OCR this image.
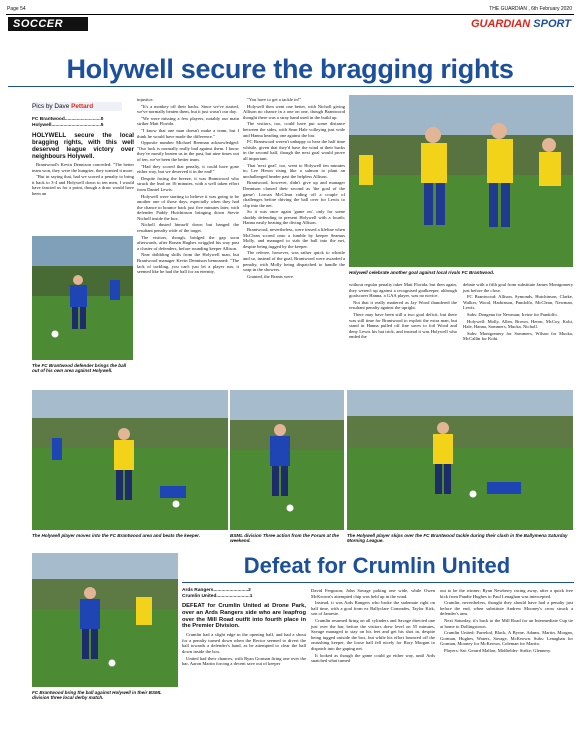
Page 54	THE GUARDIAN , 6th February 2020
SOCCER	GUARDIAN SPORT
Holywell secure the bragging rights
Pics by Dave Pettard
FC Brantwood...........................0
Holywell.....................................5

HOLYWELL secure the local bragging rights, with this well deserved league victory over neighbours Holywell.

Brantwood's Kevin Dennison conceded: "The better team won, they were the hungrier, they wanted it more.

"But in saying that, had we scored a penalty to bring it back to 3-4 and Holywell down to ten men, I would have fancied us for a point, though a draw would have been an

The FC Brantwood defender brings the ball out of his own area against Holywell.

injustice.

"It's a monkey off their backs. Since we've started, we've normally beaten them, but it just wasn't our day.

"We were missing a few players, notably our main striker Matt Florida.

"I know that one man doesn't make a team, but I think he would have made the difference."

Opposite number Michael Brennan acknowledged: "Our luck is normally really bad against them. I know they've mostly beaten us in the past, but nine times out of ten, we've been the better team.

"Had they scored that penalty, it could have gone either way, but we deserved it in the end!"

Despite facing the breeze, it was Brantwood who struck the lead on 16 minutes, with a well taken effort from Daniel Lewis.

Holywell were starting to believe it was going to be another one of those days, especially when they had the chance to bounce back just five minutes later, with defender Paddy Hutchinson bringing down Stevie Nicholl inside the box.

Nicholl dusted himself down but banged the resultant penalty wide of the target.

The visitors, though, bridged the gap soon afterwards, after Ronan Hughes wriggled his way past a cluster of defenders, before rounding keeper Allison.

Near dribbling skills from the Holywell man, but Brantwood manager Kevin Dennison bemoaned: "The lack of tackling, you can't just let a player run, it seemed like he had the ball for an eternity.

"You have to get a tackle in!"

Holywell then went one better, with Nicholl giving Allison no chance in a one on one, though Brantwood thought there was a stray hand used in the build up.

The visitors, too, could have put some distance between the sides, with Sean Hale volleying just wide and Hanna heading one against the bar.

FC Brantwood weren't unhappy to hear the half time whistle, given that they'd have the wind at their backs in the second half, though the next goal would prove all important.

That 'next goal', too, went to Holywell ten minutes in; Lee Heron rising like a salmon to plant an unchallenged header past the helpless Allison.

Brantwood, however, didn't give up and manager Dennison classed their second as 'the goal of the game'; Lorcan McClean riding off a couple of challenges before driving the ball over for Lewis to clip into the net.

So it was once again 'game on', only for some shoddy defending to present Holywell with a fourth; Hanna easily beating the diving Allison.

Brantwood, nevertheless, were tossed a lifeline when McClean scored onto a fumble by keeper Seamus Molly, and managed to stab the ball into the net, despite being tugged by the keeper.

The referee, however, was rather quick to whistle and so, instead of the goal, Brantwood were awarded a penalty, with Molly being dispatched to handle the soap in the showers.

Granted, the Brants were

Holywell celebrate another goal against local rivals FC Brantwood.

without regular penalty taker Matt Florida, but then again, they weren't up against a recognised goalkeeper, although goalscorer Hanna, a GAA player, was no novice.

Not that it really mattered as Jay Wood thundered the resultant penalty against the upright.

There may have been still a two goal deficit, but there was still time for Brantwood to exploit the extra man, but stand in Hanna pulled off fine saves to foil Wood and deny Lewis his hat trick, and instead it was Holywell who ended the

debate with a fifth goal from substitute James Montgomery just before the close.

FC Brantwood: Allison, Symonds, Hutchinson, Clarke, Walker, Wood, Harbinson, Pandolfo, McClean, Newman, Lewis.

Subs: Dongena for Newman; Irvine for Pandolfo.

Holywell: Molly, Allen, Brown, Heron, McCoy, Kohi, Hale, Hanna, Sommers, Mucka, Nicholl.

Subs: Montgomery for Sommers, Wilson for Mucka, McCallin for Kohi.

The Holywell player moves into the FC Brantwood area and beats the keeper.	BSML division Three action from the Forum at the weekend.
The Holywell player skips over the FC Brantwood tackle during their clash in the Ballymena Saturday Morning League.
FC Brantwood bring the ball against Holywell in their BSML division three local derby match.
Defeat for Crumlin United
Ards Rangers..........................2
Crumlin United.........................1

DEFEAT for Crumlin United at Drone Park, over an Ards Rangers side who are leapfrog over the Mill Road outfit into fourth place in the Premier Division.

Crumlin had a slight edge in the opening half, and had a shout for a penalty turned down when the Rector seemed to divert the ball towards a defender's hand, as he attempted to clear the ball down inside the box.

United had their chances, with Ryan Gorman firing one over the bar, Aaron Martin forcing a decent save out of keeper

David Ferguson; John Savage poking one wide, while Owen McKeown's attempted chip was held up in the wind.

Instead, it was Ards Rangers who broke the stalemate right on half time, with a goal from ex Ballyclare Comrades, Taylor Kirk, son of Jamesie.

Crumlin resumed firing on all cylinders and Savage directed one just over the bar, before the visitors drew level on 55 minutes, Savage managed to stay on his feet and get his shot in, despite being tugged outside the box, but while his effort bounced off the onrushing keeper, the loose ball fell nicely for Rory Morgan to dispatch into the gaping net.

It looked as though the game could go either way, until Ards snatched what turned

out to be the winner; Ryan Newberry racing away, after a quick free kick from Pandie Hughes to Paul Lenaghan was intercepted.

Crumlin, nevertheless, thought they should have had a penalty just before the end, when substitute Andrew Mooney's cross struck a defender's arm.

Next Saturday, it's back to the Mill Road for an Intermediate Cup tie at home to Dollingstown.

Crumlin United: Farrelod, Black, A Byrne, Adams, Martin, Morgan, Gorman, Hughes, Waters, Savage, McKeown. Subs: Lenaghan for Gorman, Mooney for McKeown, Coleman for Martin.

Players: Sat: Gerard Mallon, Midfielder: Strike; Glennery.
